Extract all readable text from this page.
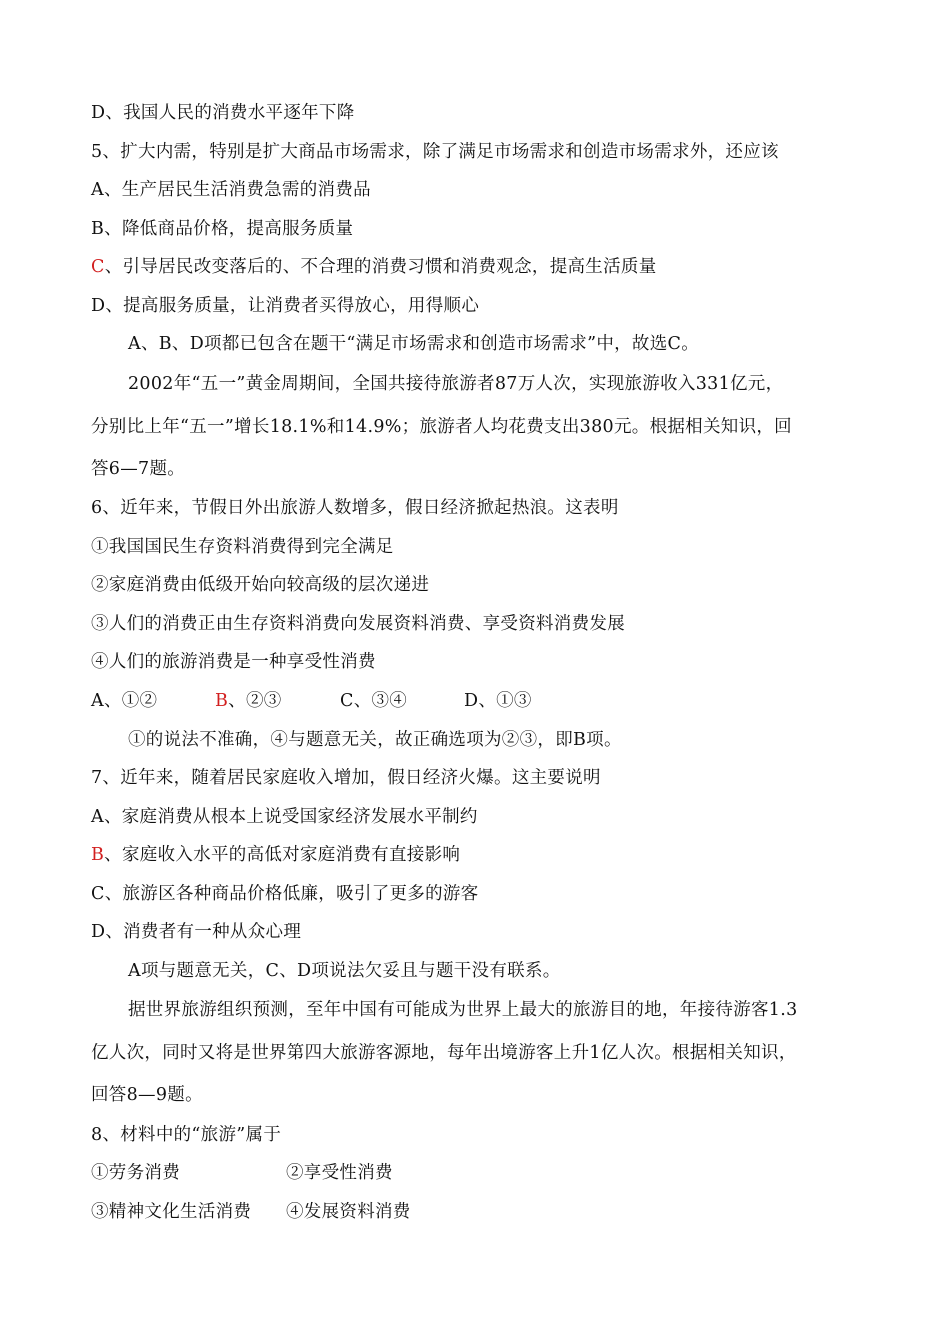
D、我国人民的消费水平逐年下降
5、扩大内需，特别是扩大商品市场需求，除了满足市场需求和创造市场需求外，还应该
A、生产居民生活消费急需的消费品
B、降低商品价格，提高服务质量
C、引导居民改变落后的、不合理的消费习惯和消费观念，提高生活质量
D、提高服务质量，让消费者买得放心，用得顺心
A、B、D项都已包含在题干“满足市场需求和创造市场需求”中，故选C。
2002年“五一”黄金周期间，全国共接待旅游者87万人次，实现旅游收入331亿元，
分别比上年“五一”增长18.1%和14.9%；旅游者人均花费支出380元。根据相关知识，回
答6—7题。
6、近年来，节假日外出旅游人数增多，假日经济掀起热浪。这表明
①我国国民生存资料消费得到完全满足
②家庭消费由低级开始向较高级的层次递进
③人们的消费正由生存资料消费向发展资料消费、享受资料消费发展
④人们的旅游消费是一种享受性消费
A、①②	B、②③	C、③④	D、①③
①的说法不准确，④与题意无关，故正确选项为②③，即B项。
7、近年来，随着居民家庭收入增加，假日经济火爆。这主要说明
A、家庭消费从根本上说受国家经济发展水平制约
B、家庭收入水平的高低对家庭消费有直接影响
C、旅游区各种商品价格低廉，吸引了更多的游客
D、消费者有一种从众心理
A项与题意无关，C、D项说法欠妥且与题干没有联系。
据世界旅游组织预测，至年中国有可能成为世界上最大的旅游目的地，年接待游客1.3
亿人次，同时又将是世界第四大旅游客源地，每年出境游客上升1亿人次。根据相关知识，
回答8—9题。
8、材料中的“旅游”属于
①劳务消费	②享受性消费
③精神文化生活消费 ④发展资料消费
